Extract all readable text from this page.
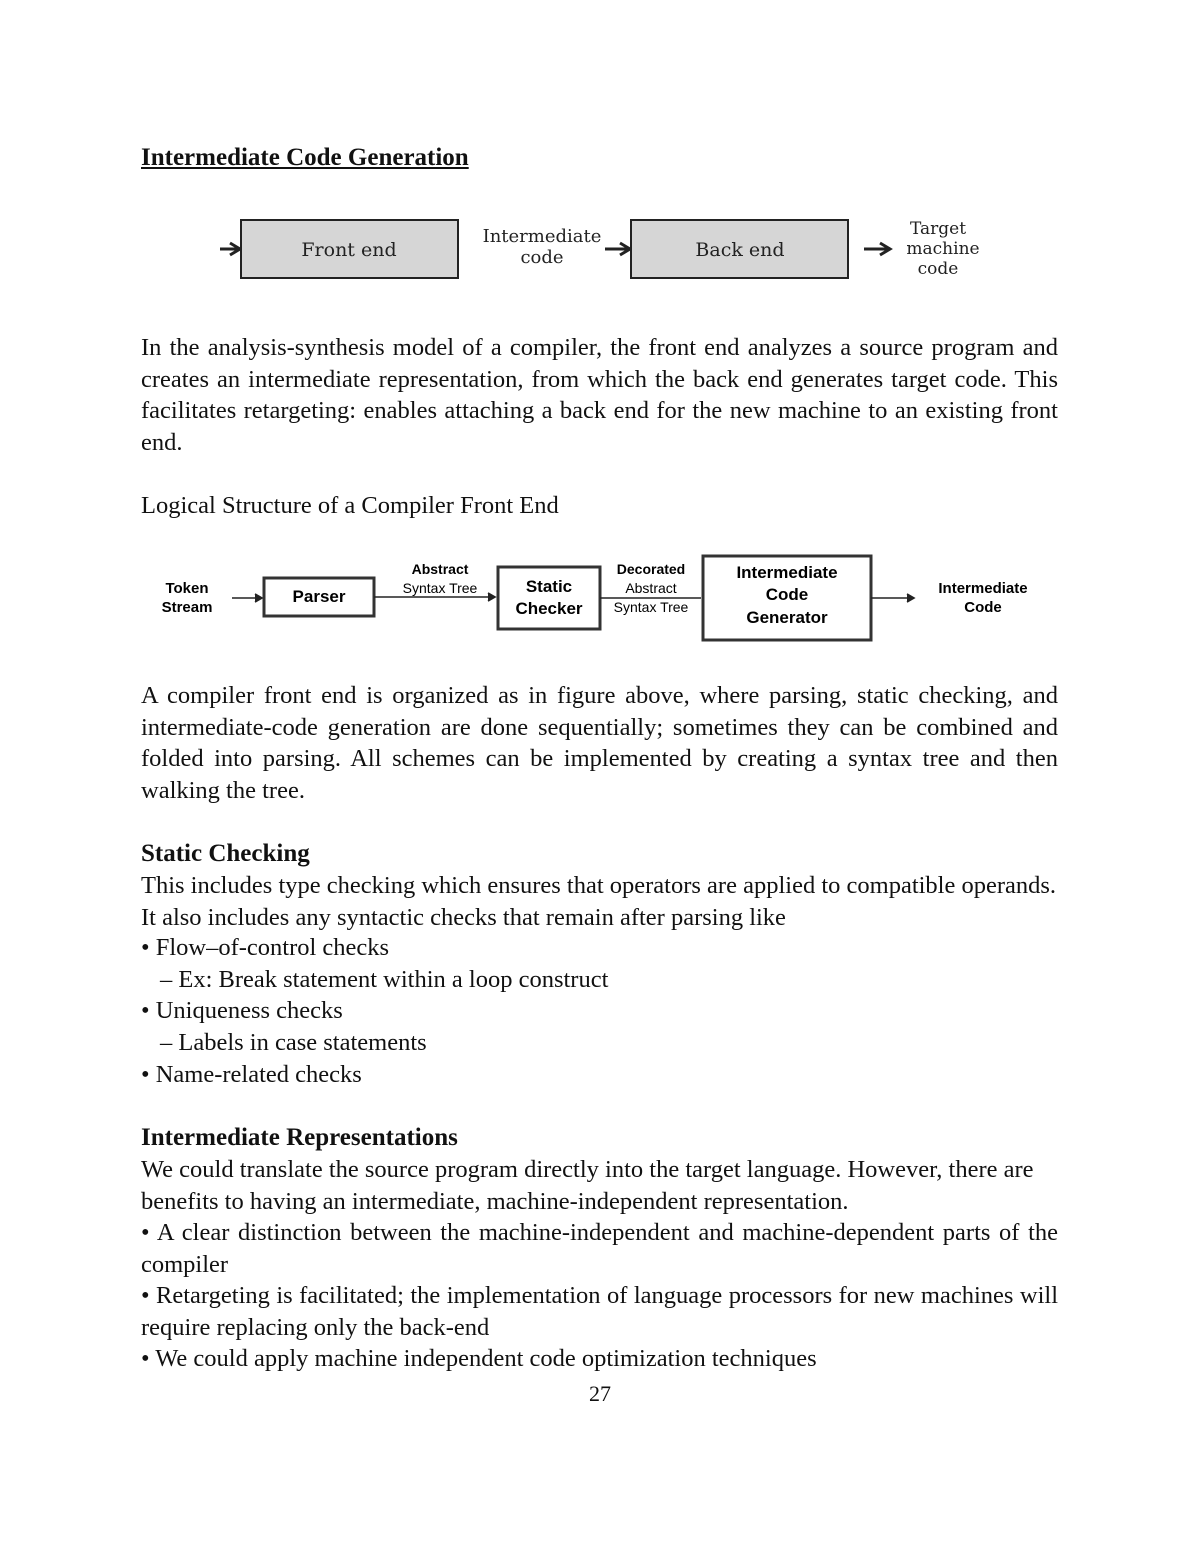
Intermediate Code Generation
Front end
Intermediate
code	Back end
Target
machine
code

In the analysis-synthesis model of a compiler, the front end analyzes a source program and creates an intermediate representation, from which the back end generates target code. This facilitates retargeting: enables attaching a back end for the new machine to an existing front end.

Logical Structure of a Compiler Front End

Token
Stream
Parser
Abstract
Syntax Tree	Static
Checker
Decorated
Abstract
Syntax Tree
Intermediate
Code
Generator
Intermediate
Code

A compiler front end is organized as in figure above, where parsing, static checking, and intermediate-code generation are done sequentially; sometimes they can be combined and folded into parsing. All schemes can be implemented by creating a syntax tree and then walking the tree.

Static Checking

This includes type checking which ensures that operators are applied to compatible operands. It also includes any syntactic checks that remain after parsing like

• Flow–of-control checks

– Ex: Break statement within a loop construct

• Uniqueness checks

– Labels in case statements

• Name-related checks

Intermediate Representations

We could translate the source program directly into the target language. However, there are benefits to having an intermediate, machine-independent representation.

• A clear distinction between the machine-independent and machine-dependent parts of the compiler

• Retargeting is facilitated; the implementation of language processors for new machines will require replacing only the back-end

• We could apply machine independent code optimization techniques

27
